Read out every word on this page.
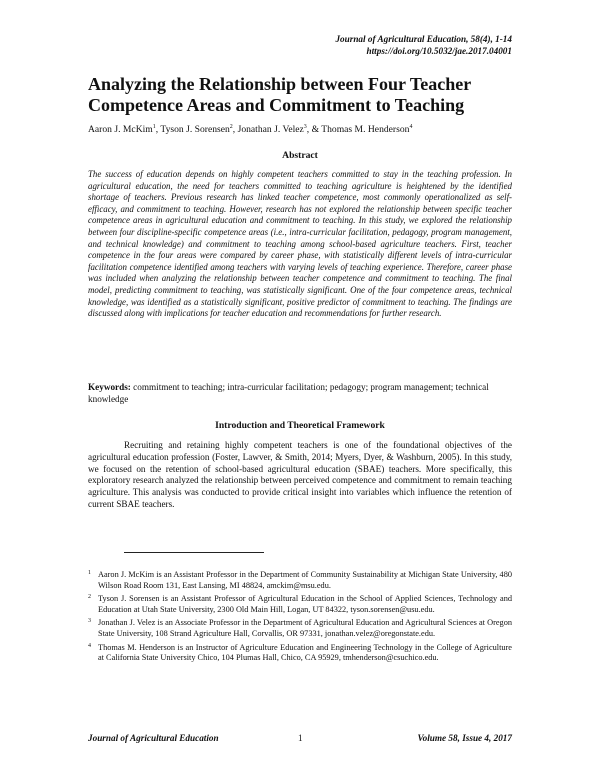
Journal of Agricultural Education, 58(4), 1-14
https://doi.org/10.5032/jae.2017.04001
Analyzing the Relationship between Four Teacher
Competence Areas and Commitment to Teaching
Aaron J. McKim$^1$, Tyson J. Sorensen$^2$, Jonathan J. Velez$^3$, & Thomas M. Henderson$^4$
Abstract

The success of education depends on highly competent teachers committed to stay in the teaching profession. In agricultural education, the need for teachers committed to teaching agriculture is heightened by the identified shortage of teachers. Previous research has linked teacher competence, most commonly operationalized as self-efficacy, and commitment to teaching. However, research has not explored the relationship between specific teacher competence areas in agricultural education and commitment to teaching. In this study, we explored the relationship between four discipline-specific competence areas (i.e., intra-curricular facilitation, pedagogy, program management, and technical knowledge) and commitment to teaching among school-based agriculture teachers. First, teacher competence in the four areas were compared by career phase, with statistically different levels of intra-curricular facilitation competence identified among teachers with varying levels of teaching experience. Therefore, career phase was included when analyzing the relationship between teacher competence and commitment to teaching. The final model, predicting commitment to teaching, was statistically significant. One of the four competence areas, technical knowledge, was identified as a statistically significant, positive predictor of commitment to teaching. The findings are discussed along with implications for teacher education and recommendations for further research.

Keywords: commitment to teaching; intra-curricular facilitation; pedagogy; program management; technical knowledge

Introduction and Theoretical Framework

Recruiting and retaining highly competent teachers is one of the foundational objectives of the agricultural education profession (Foster, Lawver, & Smith, 2014; Myers, Dyer, & Washburn, 2005). In this study, we focused on the retention of school-based agricultural education (SBAE) teachers. More specifically, this exploratory research analyzed the relationship between perceived competence and commitment to remain teaching agriculture. This analysis was conducted to provide critical insight into variables which influence the retention of current SBAE teachers.

1 Aaron J. McKim is an Assistant Professor in the Department of Community Sustainability at Michigan State University, 480 Wilson Road Room 131, East Lansing, MI 48824, amckim@msu.edu.
2 Tyson J. Sorensen is an Assistant Professor of Agricultural Education in the School of Applied Sciences, Technology and Education at Utah State University, 2300 Old Main Hill, Logan, UT 84322, tyson.sorensen@usu.edu.
3 Jonathan J. Velez is an Associate Professor in the Department of Agricultural Education and Agricultural Sciences at Oregon State University, 108 Strand Agriculture Hall, Corvallis, OR 97331, jonathan.velez@oregonstate.edu.
4 Thomas M. Henderson is an Instructor of Agriculture Education and Engineering Technology in the College of Agriculture at California State University Chico, 104 Plumas Hall, Chico, CA 95929, tmhenderson@csuchico.edu.
Journal of Agricultural Education	1	Volume 58, Issue 4, 2017
